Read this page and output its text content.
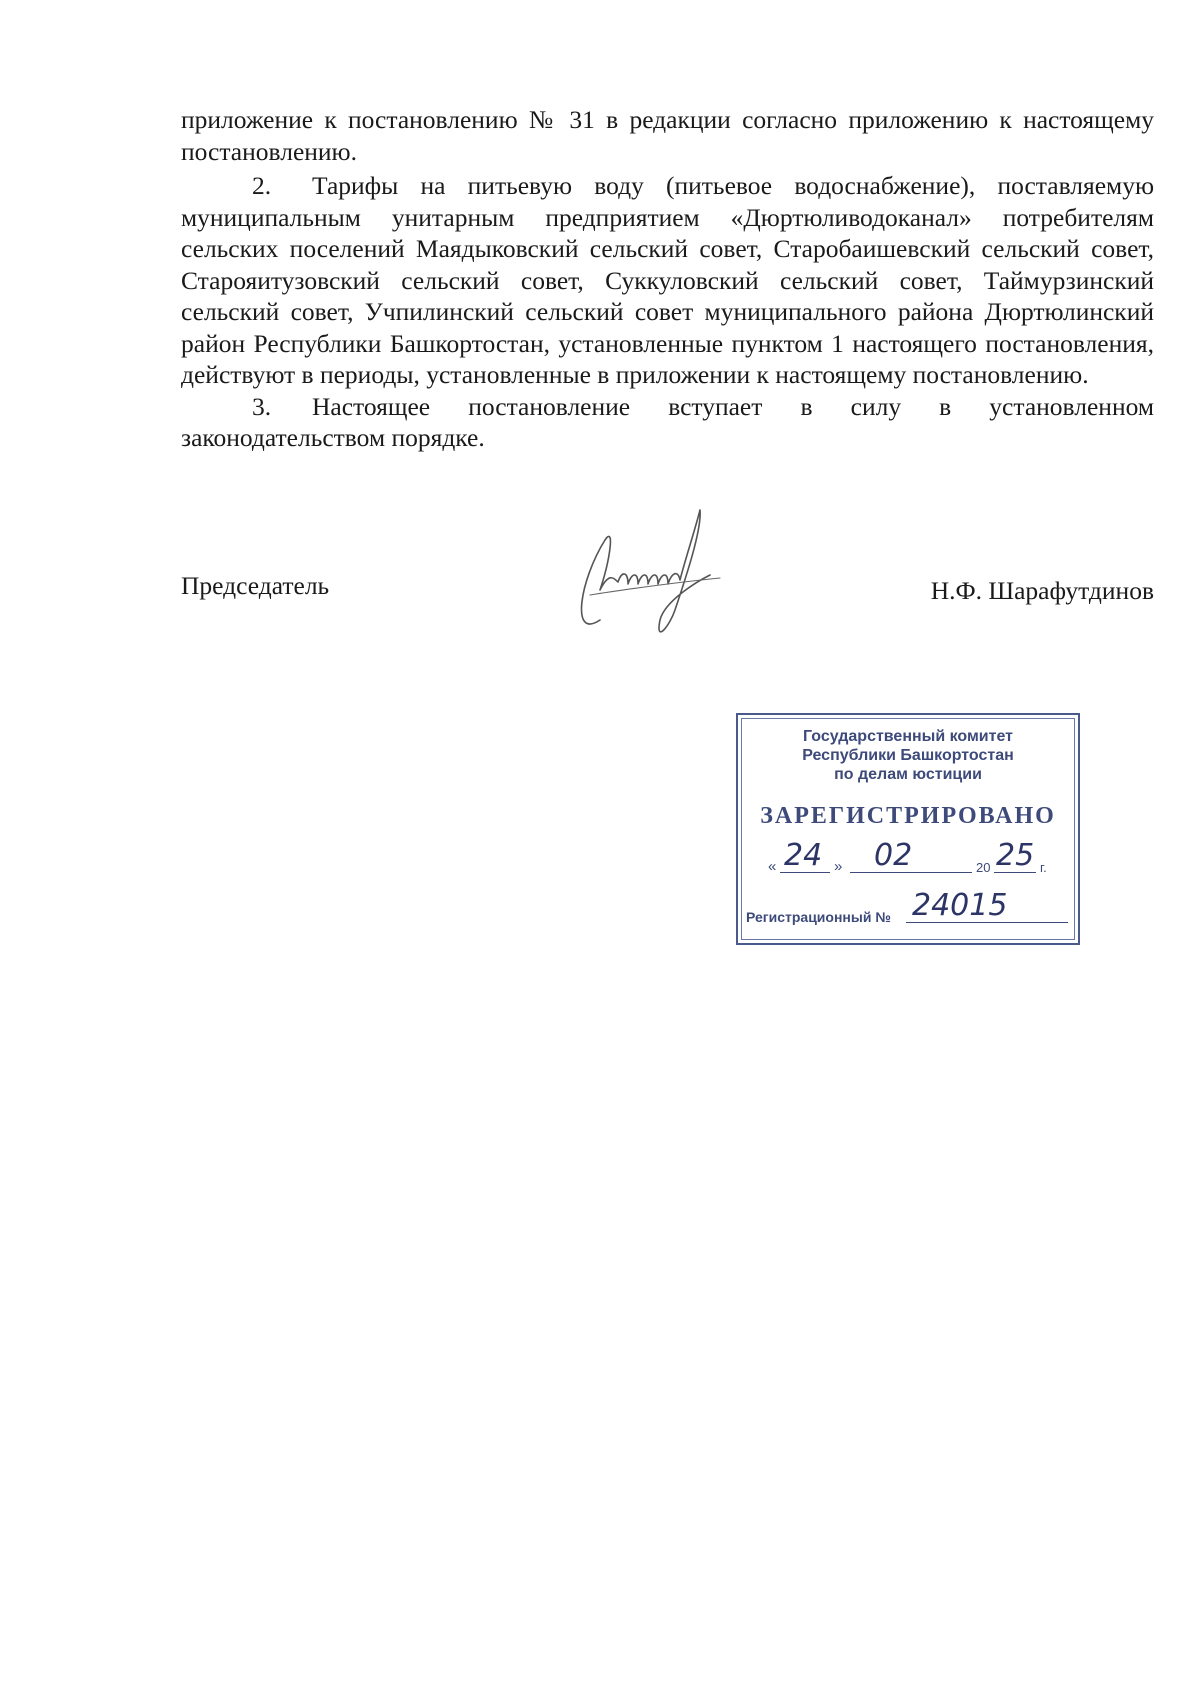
приложение к постановлению № 31 в редакции согласно приложению к настоящему постановлению.

2. Тарифы на питьевую воду (питьевое водоснабжение), поставляемую муниципальным унитарным предприятием «Дюртюливодоканал» потребителям сельских поселений Маядыковский сельский совет, Старобаишевский сельский совет, Старояитузовский сельский совет, Суккуловский сельский совет, Таймурзинский сельский совет, Учпилинский сельский совет муниципального района Дюртюлинский район Республики Башкортостан, установленные пунктом 1 настоящего постановления, действуют в периоды, установленные в приложении к настоящему постановлению.

3. Настоящее постановление вступает в силу в установленном законодательством порядке.

Председатель	Н.Ф. Шарафутдинов
Государственный комитет
Республики Башкортостан
по делам юстиции
ЗАРЕГИСТРИРОВАНО
« 24 » 02	20 25 г.
Регистрационный № 24015
